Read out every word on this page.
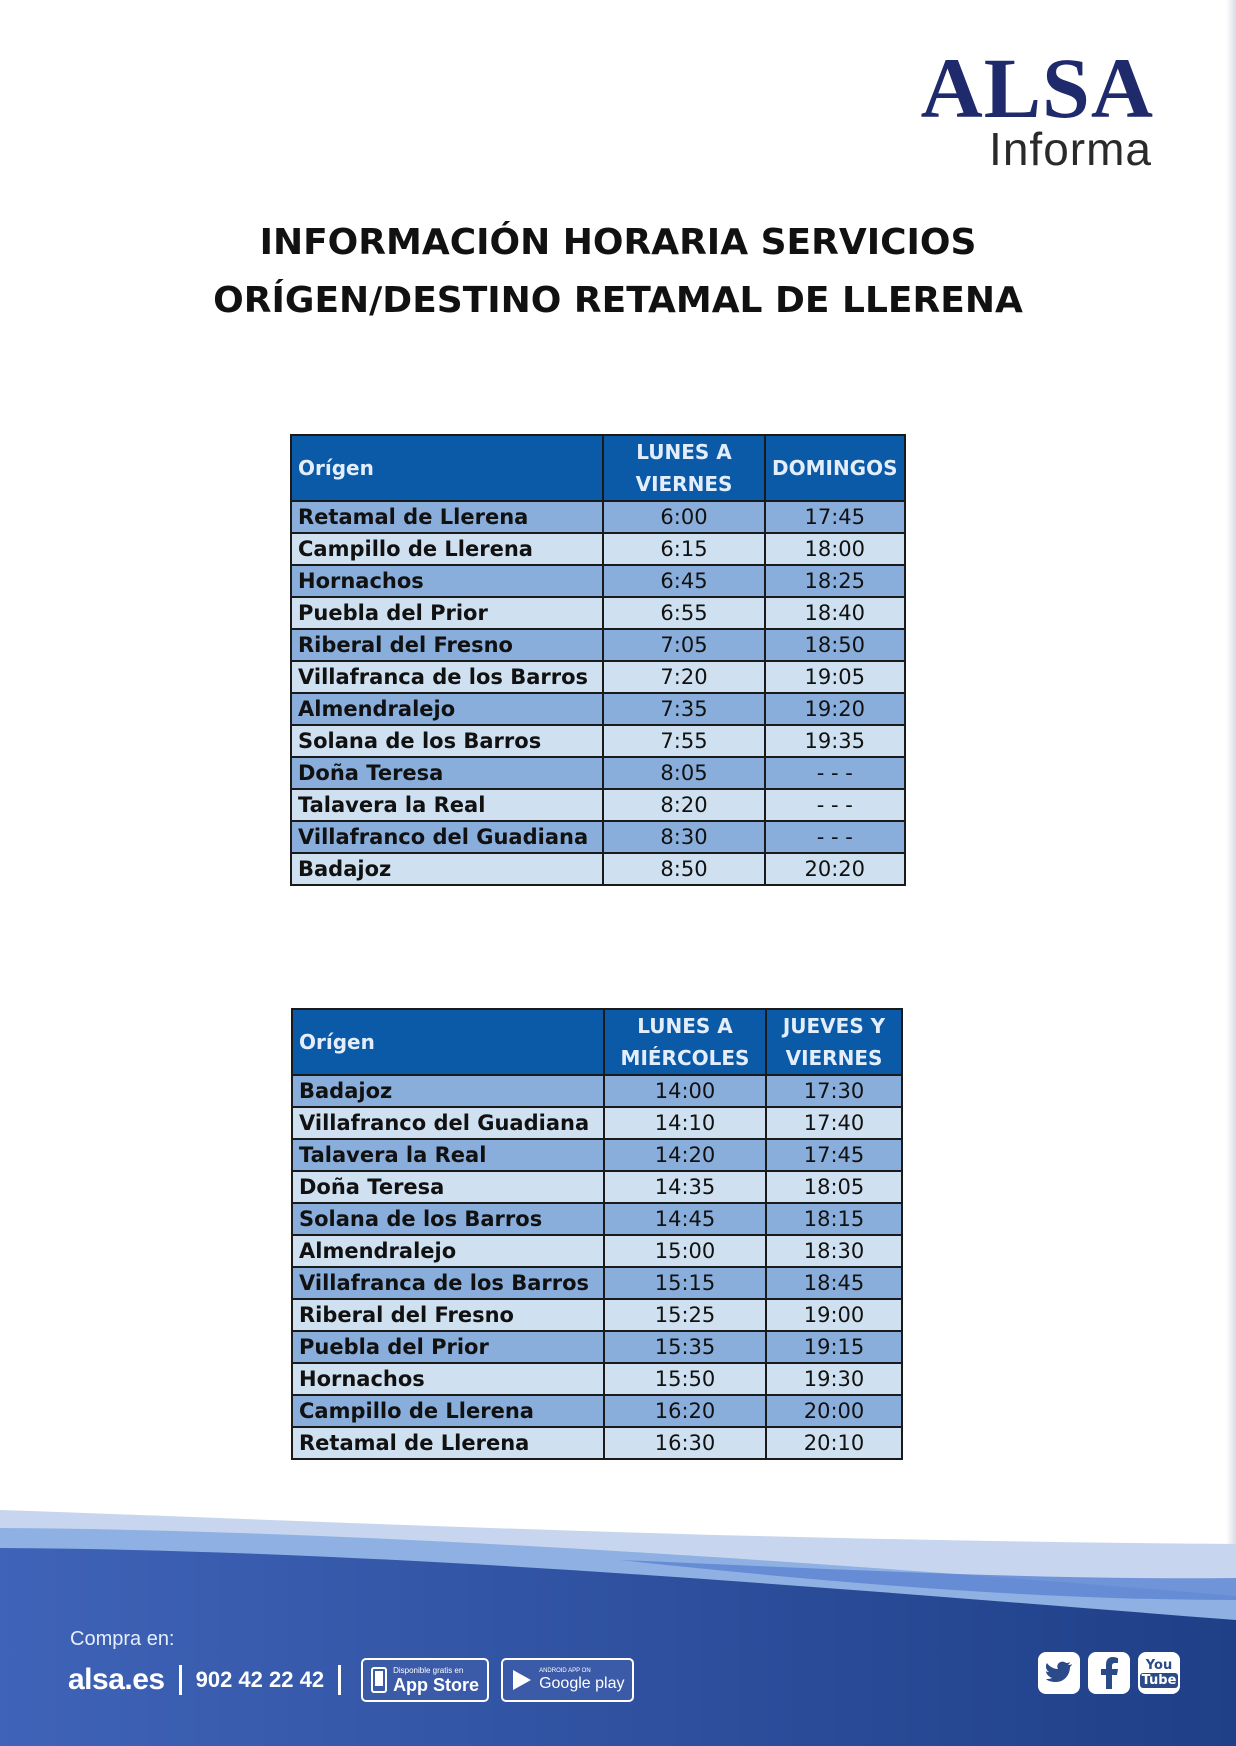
ALSA
Informa
INFORMACIÓN HORARIA SERVICIOS
ORÍGEN/DESTINO RETAMAL DE LLERENA
Orígen	LUNES A VIERNES	DOMINGOS
Retamal de Llerena	6:00	17:45
Campillo de Llerena	6:15	18:00
Hornachos	6:45	18:25
Puebla del Prior	6:55	18:40
Riberal del Fresno	7:05	18:50
Villafranca de los Barros	7:20	19:05
Almendralejo	7:35	19:20
Solana de los Barros	7:55	19:35
Doña Teresa	8:05	- - -
Talavera la Real	8:20	- - -
Villafranco del Guadiana	8:30	- - -
Badajoz	8:50	20:20
Orígen	LUNES A MIÉRCOLES	JUEVES Y VIERNES
Badajoz	14:00	17:30
Villafranco del Guadiana	14:10	17:40
Talavera la Real	14:20	17:45
Doña Teresa	14:35	18:05
Solana de los Barros	14:45	18:15
Almendralejo	15:00	18:30
Villafranca de los Barros	15:15	18:45
Riberal del Fresno	15:25	19:00
Puebla del Prior	15:35	19:15
Hornachos	15:50	19:30
Campillo de Llerena	16:20	20:00
Retamal de Llerena	16:30	20:10
Compra en:
alsa.es 902 42 22 42	Disponible gratis en
App Store
ANDROID APP ON
Google play
You
Tube
